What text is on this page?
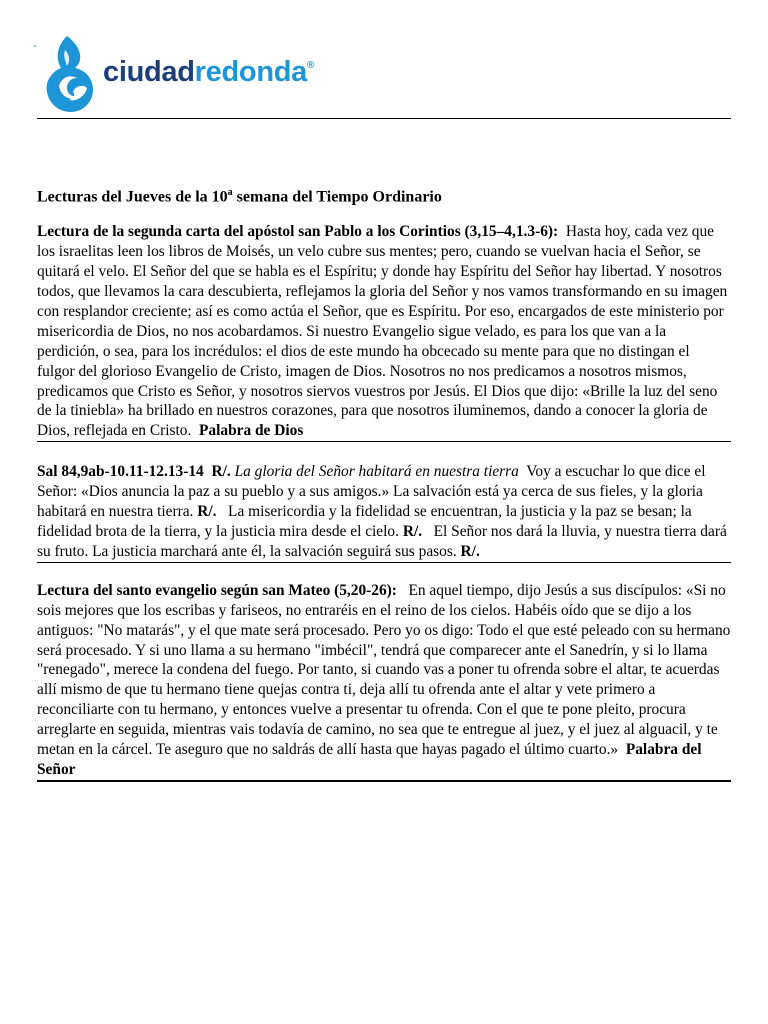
-
ciudadredonda®
Lecturas del Jueves de la 10$^a$ semana del Tiempo Ordinario

Lectura de la segunda carta del apóstol san Pablo a los Corintios (3,15–4,1.3-6): Hasta hoy, cada vez que los israelitas leen los libros de Moisés, un velo cubre sus mentes; pero, cuando se vuelvan hacia el Señor, se quitará el velo. El Señor del que se habla es el Espíritu; y donde hay Espíritu del Señor hay libertad. Y nosotros todos, que llevamos la cara descubierta, reflejamos la gloria del Señor y nos vamos transformando en su imagen con resplandor creciente; así es como actúa el Señor, que es Espíritu. Por eso, encargados de este ministerio por misericordia de Dios, no nos acobardamos. Si nuestro Evangelio sigue velado, es para los que van a la perdición, o sea, para los incrédulos: el dios de este mundo ha obcecado su mente para que no distingan el fulgor del glorioso Evangelio de Cristo, imagen de Dios. Nosotros no nos predicamos a nosotros mismos, predicamos que Cristo es Señor, y nosotros siervos vuestros por Jesús. El Dios que dijo: «Brille la luz del seno de la tiniebla» ha brillado en nuestros corazones, para que nosotros iluminemos, dando a conocer la gloria de Dios, reflejada en Cristo. Palabra de Dios

Sal 84,9ab-10.11-12.13-14 R/. La gloria del Señor habitará en nuestra tierra Voy a escuchar lo que dice el Señor: «Dios anuncia la paz a su pueblo y a sus amigos.» La salvación está ya cerca de sus fieles, y la gloria habitará en nuestra tierra. R/. La misericordia y la fidelidad se encuentran, la justicia y la paz se besan; la fidelidad brota de la tierra, y la justicia mira desde el cielo. R/. El Señor nos dará la lluvia, y nuestra tierra dará su fruto. La justicia marchará ante él, la salvación seguirá sus pasos. R/.

Lectura del santo evangelio según san Mateo (5,20-26): En aquel tiempo, dijo Jesús a sus discípulos: «Si no sois mejores que los escribas y fariseos, no entraréis en el reino de los cielos. Habéis oído que se dijo a los antiguos: "No matarás", y el que mate será procesado. Pero yo os digo: Todo el que esté peleado con su hermano será procesado. Y si uno llama a su hermano "imbécil", tendrá que comparecer ante el Sanedrín, y si lo llama "renegado", merece la condena del fuego. Por tanto, si cuando vas a poner tu ofrenda sobre el altar, te acuerdas allí mismo de que tu hermano tiene quejas contra ti, deja allí tu ofrenda ante el altar y vete primero a reconciliarte con tu hermano, y entonces vuelve a presentar tu ofrenda. Con el que te pone pleito, procura arreglarte en seguida, mientras vais todavía de camino, no sea que te entregue al juez, y el juez al alguacil, y te metan en la cárcel. Te aseguro que no saldrás de allí hasta que hayas pagado el último cuarto.» Palabra del Señor
